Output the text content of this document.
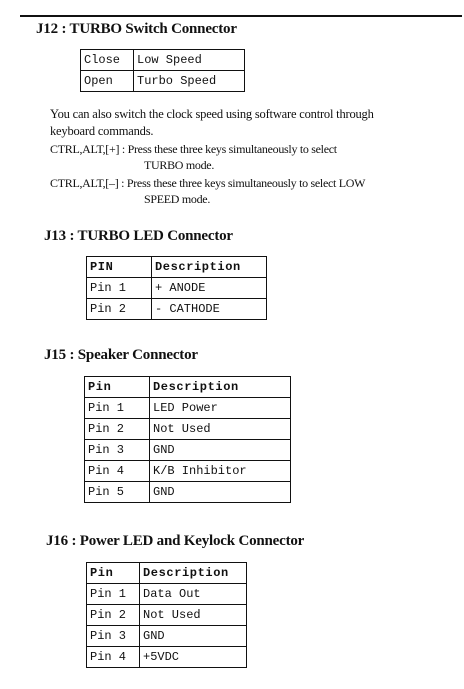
J12 : TURBO Switch Connector
Close	Low Speed
Open	Turbo Speed
You can also switch the clock speed using software control through
keyboard commands.
CTRL,ALT,[+] : Press these three keys simultaneously to select
TURBO mode.
CTRL,ALT,[–] : Press these three keys simultaneously to select LOW
SPEED mode.
J13 : TURBO LED Connector
PIN	Description
Pin 1	+ ANODE
Pin 2	- CATHODE
J15 : Speaker Connector
Pin	Description
Pin 1	LED Power
Pin 2	Not Used
Pin 3	GND
Pin 4	K/B Inhibitor
Pin 5	GND
J16 : Power LED and Keylock Connector
Pin	Description
Pin 1	Data Out
Pin 2	Not Used
Pin 3	GND
Pin 4	+5VDC
